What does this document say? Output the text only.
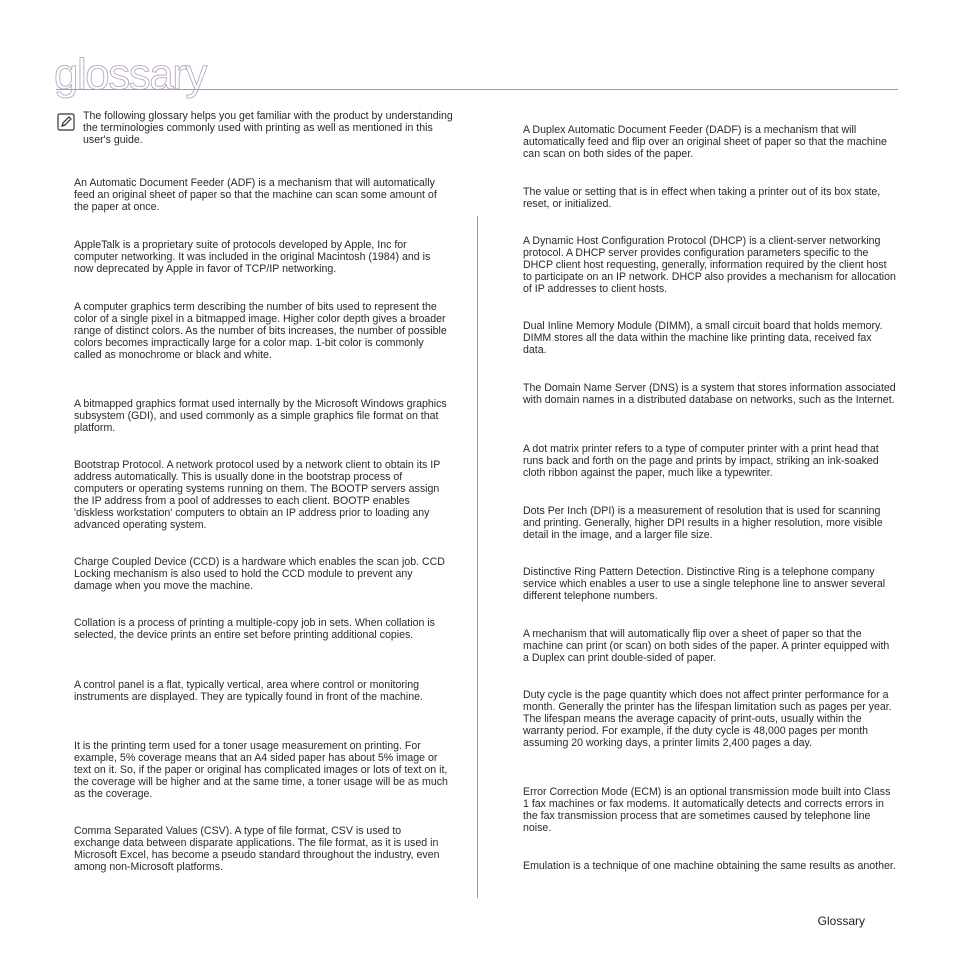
glossary

The following glossary helps you get familiar with the product by understanding the terminologies commonly used with printing as well as mentioned in this user's guide.

An Automatic Document Feeder (ADF) is a mechanism that will automatically feed an original sheet of paper so that the machine can scan some amount of the paper at once.

AppleTalk is a proprietary suite of protocols developed by Apple, Inc for computer networking. It was included in the original Macintosh (1984) and is now deprecated by Apple in favor of TCP/IP networking.

A computer graphics term describing the number of bits used to represent the color of a single pixel in a bitmapped image. Higher color depth gives a broader range of distinct colors. As the number of bits increases, the number of possible colors becomes impractically large for a color map. 1-bit color is commonly called as monochrome or black and white.

A bitmapped graphics format used internally by the Microsoft Windows graphics subsystem (GDI), and used commonly as a simple graphics file format on that platform.

Bootstrap Protocol. A network protocol used by a network client to obtain its IP address automatically. This is usually done in the bootstrap process of computers or operating systems running on them. The BOOTP servers assign the IP address from a pool of addresses to each client. BOOTP enables 'diskless workstation' computers to obtain an IP address prior to loading any advanced operating system.

Charge Coupled Device (CCD) is a hardware which enables the scan job. CCD Locking mechanism is also used to hold the CCD module to prevent any damage when you move the machine.

Collation is a process of printing a multiple-copy job in sets. When collation is selected, the device prints an entire set before printing additional copies.

A control panel is a flat, typically vertical, area where control or monitoring instruments are displayed. They are typically found in front of the machine.

It is the printing term used for a toner usage measurement on printing. For example, 5% coverage means that an A4 sided paper has about 5% image or text on it. So, if the paper or original has complicated images or lots of text on it, the coverage will be higher and at the same time, a toner usage will be as much as the coverage.

Comma Separated Values (CSV). A type of file format, CSV is used to exchange data between disparate applications. The file format, as it is used in Microsoft Excel, has become a pseudo standard throughout the industry, even among non-Microsoft platforms.

A Duplex Automatic Document Feeder (DADF) is a mechanism that will automatically feed and flip over an original sheet of paper so that the machine can scan on both sides of the paper.

The value or setting that is in effect when taking a printer out of its box state, reset, or initialized.

A Dynamic Host Configuration Protocol (DHCP) is a client-server networking protocol. A DHCP server provides configuration parameters specific to the DHCP client host requesting, generally, information required by the client host to participate on an IP network. DHCP also provides a mechanism for allocation of IP addresses to client hosts.

Dual Inline Memory Module (DIMM), a small circuit board that holds memory. DIMM stores all the data within the machine like printing data, received fax data.

The Domain Name Server (DNS) is a system that stores information associated with domain names in a distributed database on networks, such as the Internet.

A dot matrix printer refers to a type of computer printer with a print head that runs back and forth on the page and prints by impact, striking an ink-soaked cloth ribbon against the paper, much like a typewriter.

Dots Per Inch (DPI) is a measurement of resolution that is used for scanning and printing. Generally, higher DPI results in a higher resolution, more visible detail in the image, and a larger file size.

Distinctive Ring Pattern Detection. Distinctive Ring is a telephone company service which enables a user to use a single telephone line to answer several different telephone numbers.

A mechanism that will automatically flip over a sheet of paper so that the machine can print (or scan) on both sides of the paper. A printer equipped with a Duplex can print double-sided of paper.

Duty cycle is the page quantity which does not affect printer performance for a month. Generally the printer has the lifespan limitation such as pages per year. The lifespan means the average capacity of print-outs, usually within the warranty period. For example, if the duty cycle is 48,000 pages per month assuming 20 working days, a printer limits 2,400 pages a day.

Error Correction Mode (ECM) is an optional transmission mode built into Class 1 fax machines or fax modems. It automatically detects and corrects errors in the fax transmission process that are sometimes caused by telephone line noise.

Emulation is a technique of one machine obtaining the same results as another.

Glossary
